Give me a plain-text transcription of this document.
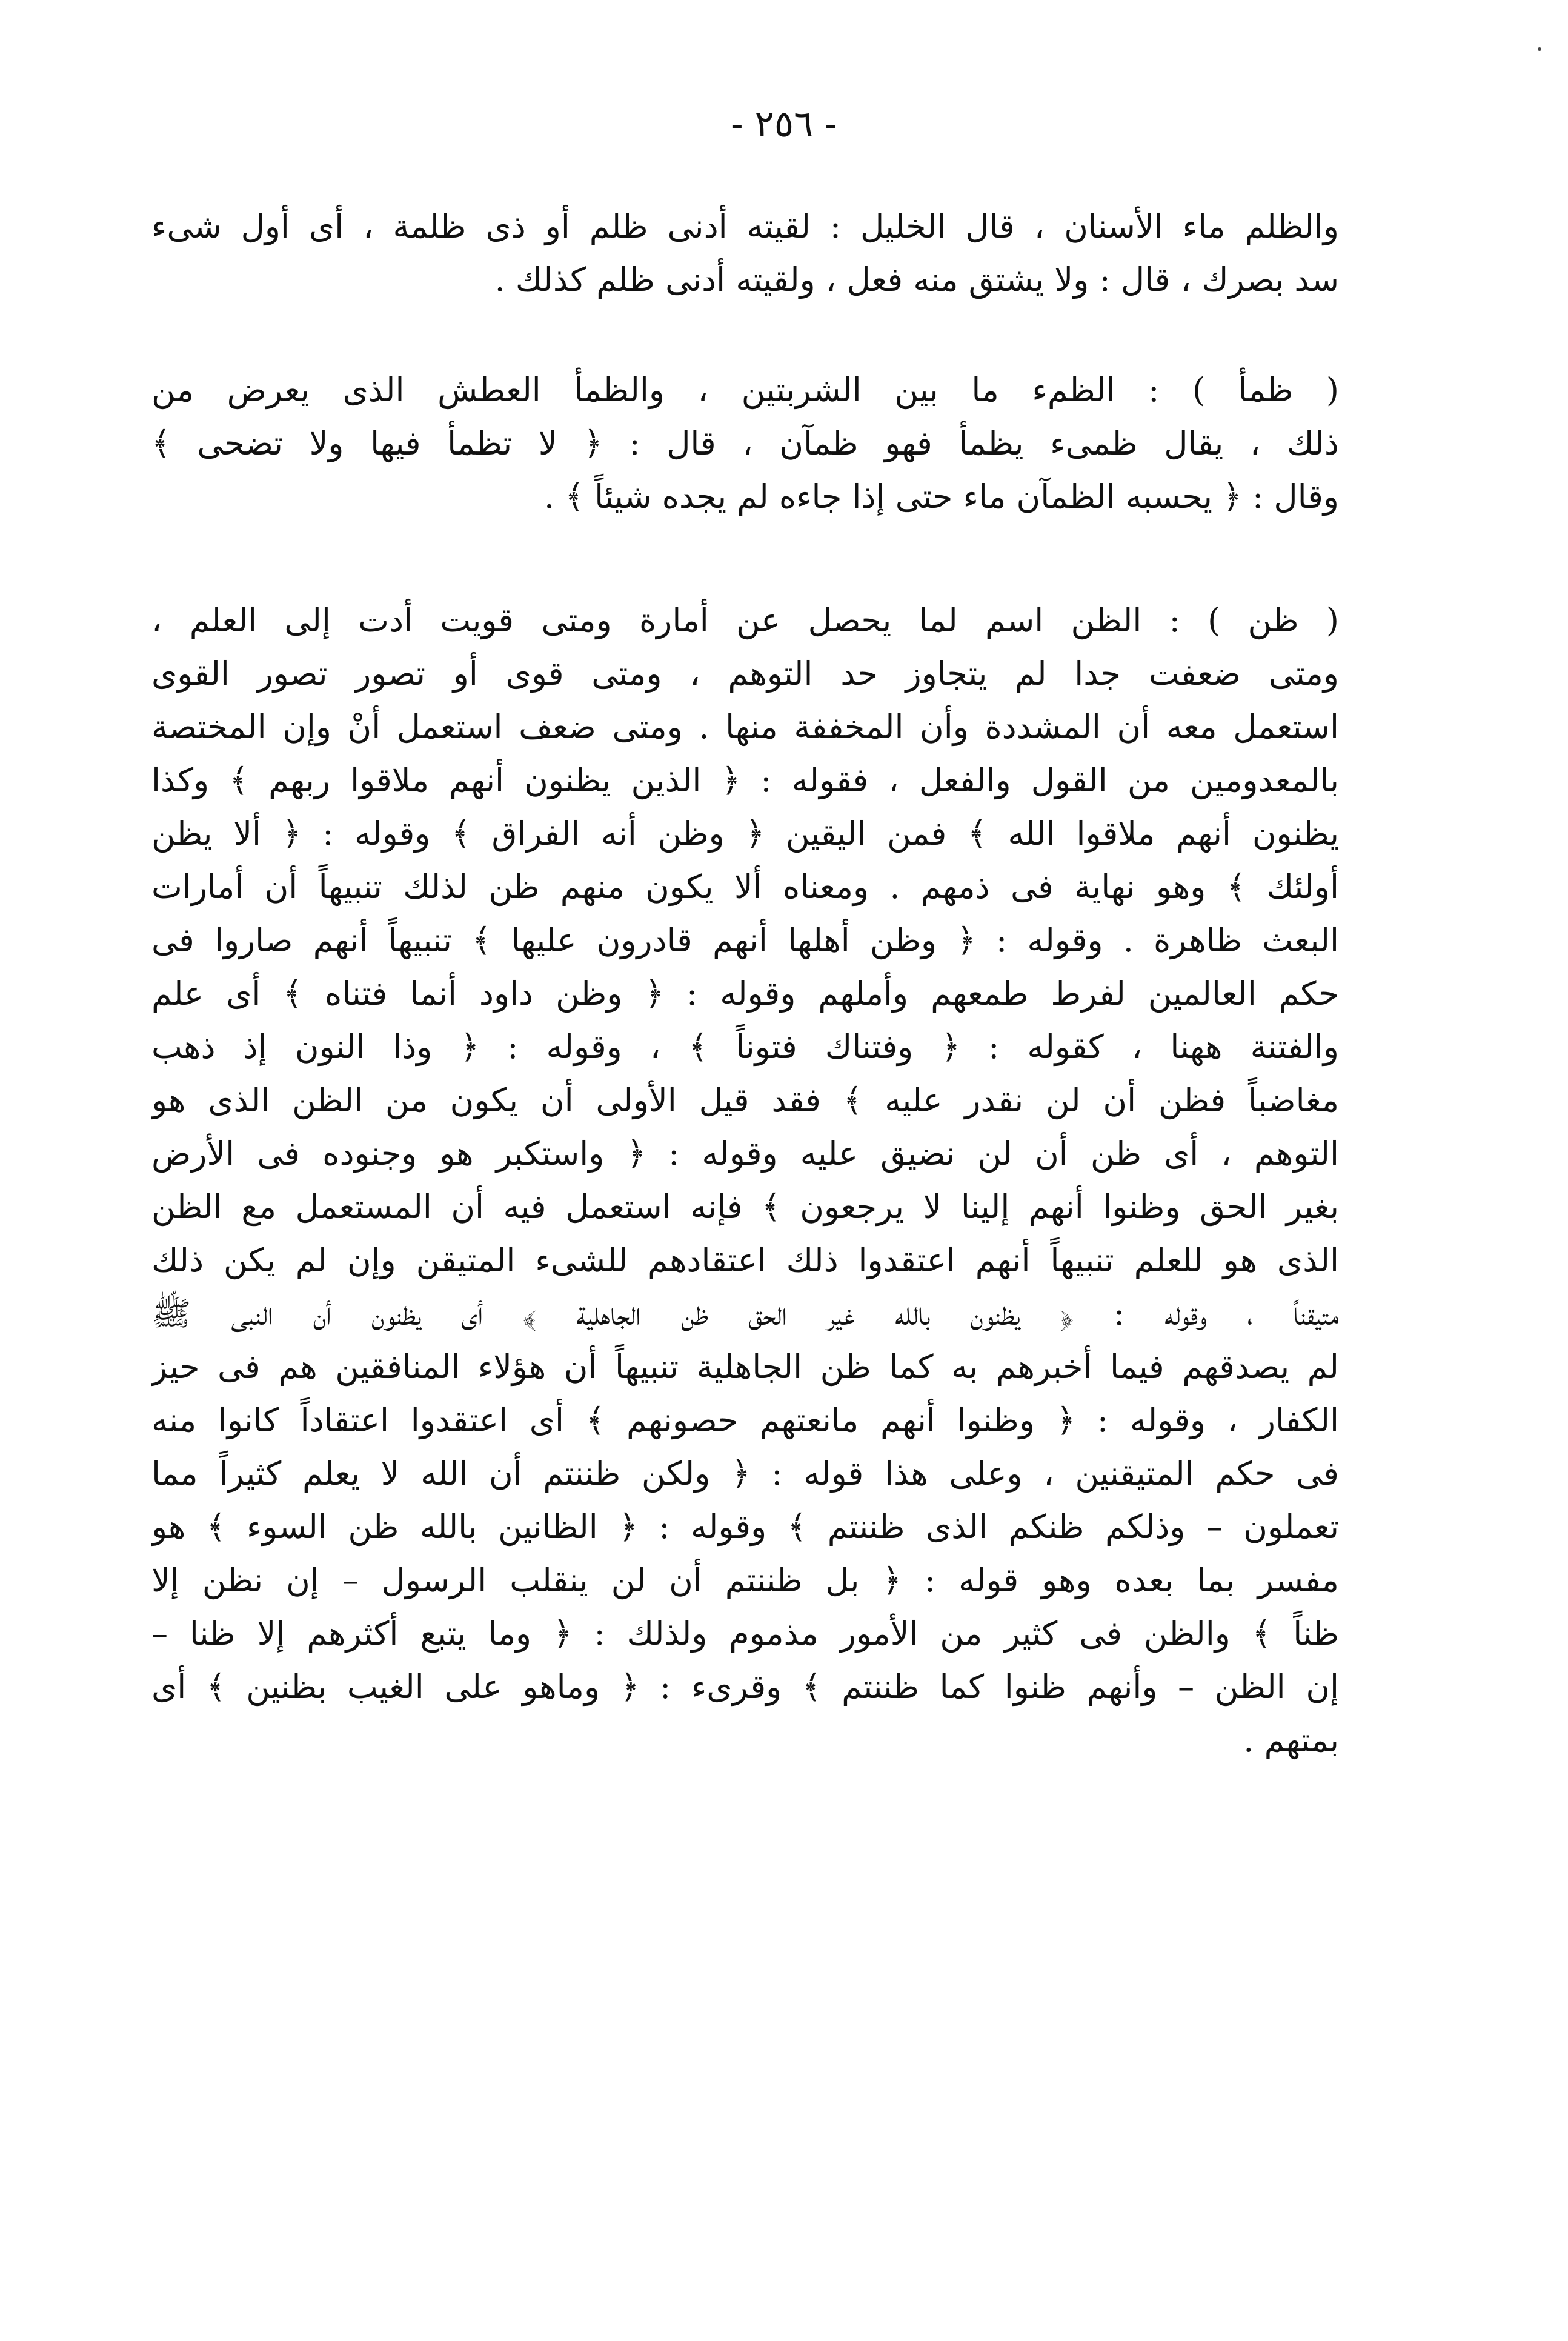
- ٢٥٦ -
والظلم ماء الأسنان ، قال الخليل : لقيته أدنى ظلم أو ذى ظلمة ، أى أول شىء
سد بصرك ، قال : ولا يشتق منه فعل ، ولقيته أدنى ظلم كذلك .
( ظمأ ) : الظمء ما بين الشربتين ، والظمأ العطش الذى يعرض من
ذلك ، يقال ظمىء يظمأ فهو ظمآن ، قال : ﴿ لا تظمأ فيها ولا تضحى ﴾
وقال : ﴿ يحسبه الظمآن ماء حتى إذا جاءه لم يجده شيئاً ﴾ .
( ظن ) : الظن اسم لما يحصل عن أمارة ومتى قويت أدت إلى العلم ،
ومتى ضعفت جدا لم يتجاوز حد التوهم ، ومتى قوى أو تصور تصور القوى
استعمل معه أن المشددة وأن المخففة منها . ومتى ضعف استعمل أنْ وإن المختصة
بالمعدومين من القول والفعل ، فقوله : ﴿ الذين يظنون أنهم ملاقوا ربهم ﴾ وكذا
يظنون أنهم ملاقوا الله ﴾ فمن اليقين ﴿ وظن أنه الفراق ﴾ وقوله : ﴿ ألا يظن
أولئك ﴾ وهو نهاية فى ذمهم . ومعناه ألا يكون منهم ظن لذلك تنبيهاً أن أمارات
البعث ظاهرة . وقوله : ﴿ وظن أهلها أنهم قادرون عليها ﴾ تنبيهاً أنهم صاروا فى
حكم العالمين لفرط طمعهم وأملهم وقوله : ﴿ وظن داود أنما فتناه ﴾ أى علم
والفتنة ههنا ، كقوله : ﴿ وفتناك فتوناً ﴾ ، وقوله : ﴿ وذا النون إذ ذهب
مغاضباً فظن أن لن نقدر عليه ﴾ فقد قيل الأولى أن يكون من الظن الذى هو
التوهم ، أى ظن أن لن نضيق عليه وقوله : ﴿ واستكبر هو وجنوده فى الأرض
بغير الحق وظنوا أنهم إلينا لا يرجعون ﴾ فإنه استعمل فيه أن المستعمل مع الظن
الذى هو للعلم تنبيهاً أنهم اعتقدوا ذلك اعتقادهم للشىء المتيقن وإن لم يكن ذلك
متيقناً ، وقوله : ﴿ يظنون بالله غير الحق ظن الجاهلية ﴾ أى يظنون أن النبى ﷺ
لم يصدقهم فيما أخبرهم به كما ظن الجاهلية تنبيهاً أن هؤلاء المنافقين هم فى حيز
الكفار ، وقوله : ﴿ وظنوا أنهم مانعتهم حصونهم ﴾ أى اعتقدوا اعتقاداً كانوا منه
فى حكم المتيقنين ، وعلى هذا قوله : ﴿ ولكن ظننتم أن الله لا يعلم كثيراً مما
تعملون – وذلكم ظنكم الذى ظننتم ﴾ وقوله : ﴿ الظانين بالله ظن السوء ﴾ هو
مفسر بما بعده وهو قوله : ﴿ بل ظننتم أن لن ينقلب الرسول – إن نظن إلا
ظناً ﴾ والظن فى كثير من الأمور مذموم ولذلك : ﴿ وما يتبع أكثرهم إلا ظنا –
إن الظن – وأنهم ظنوا كما ظننتم ﴾ وقرىء : ﴿ وماهو على الغيب بظنين ﴾ أى
بمتهم .
